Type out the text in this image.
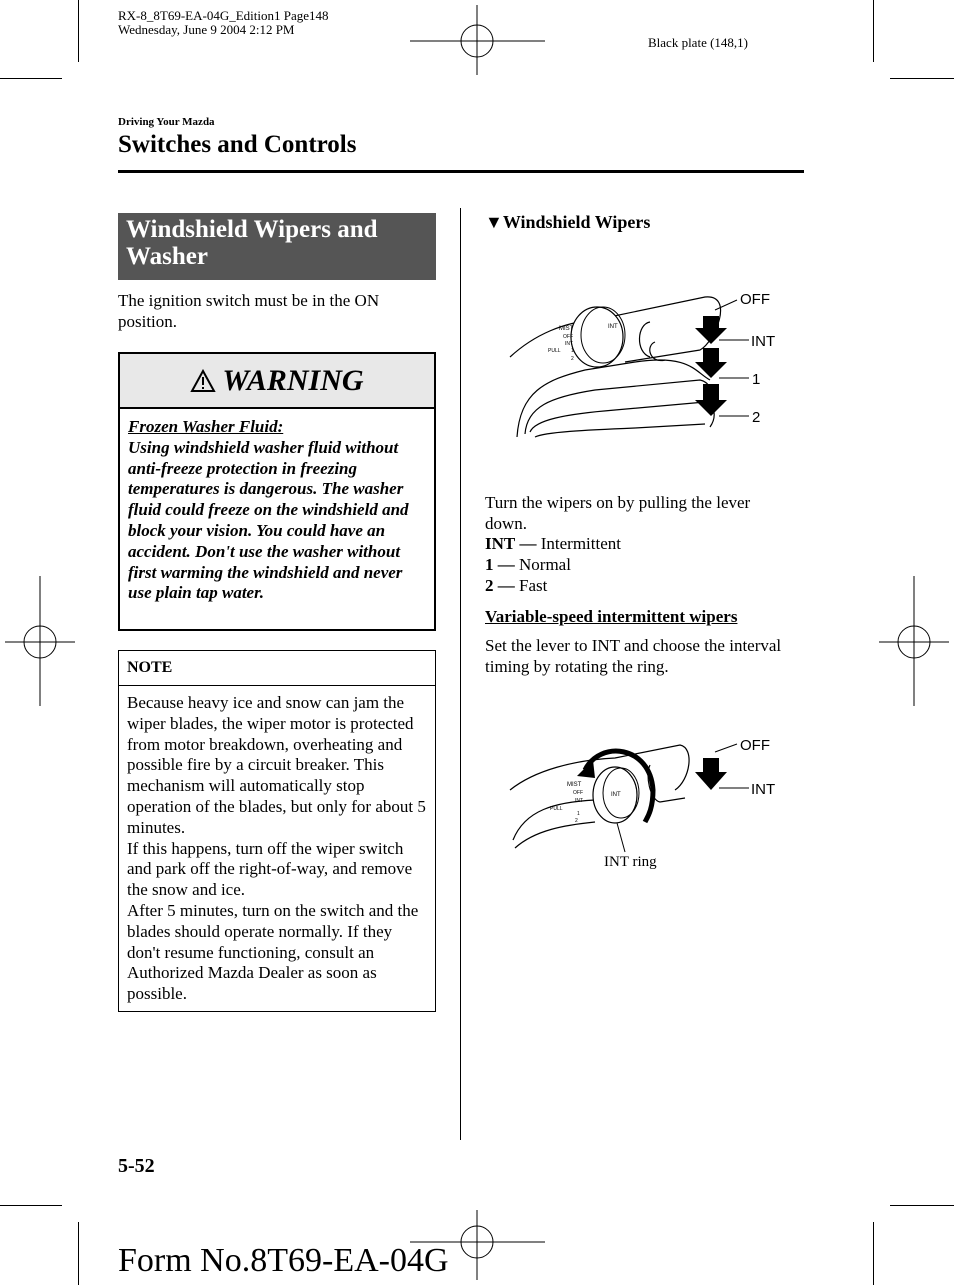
RX-8_8T69-EA-04G_Edition1 Page148
Wednesday, June 9 2004 2:12 PM
Black plate (148,1)
Driving Your Mazda
Switches and Controls
Windshield Wipers and Washer
The ignition switch must be in the ON position.
WARNING
Frozen Washer Fluid:
Using windshield washer fluid without anti-freeze protection in freezing temperatures is dangerous. The washer fluid could freeze on the windshield and block your vision. You could have an accident. Don't use the washer without first warming the windshield and never use plain tap water.
NOTE
Because heavy ice and snow can jam the wiper blades, the wiper motor is protected from motor breakdown, overheating and possible fire by a circuit breaker. This mechanism will automatically stop operation of the blades, but only for about 5 minutes.
If this happens, turn off the wiper switch and park off the right-of-way, and remove the snow and ice.
After 5 minutes, turn on the switch and the blades should operate normally. If they don't resume functioning, consult an Authorized Mazda Dealer as soon as possible.
▼Windshield Wipers
MIST
OFF
INT
1
2
PULL
INT
OFF
INT
1
2
Turn the wipers on by pulling the lever down.
INT — Intermittent
1 — Normal
2 — Fast
Variable-speed intermittent wipers
Set the lever to INT and choose the interval timing by rotating the ring.
MIST
OFF
INT
1
2
PULL
INT
OFF
INT
INT ring
5-52
Form No.8T69-EA-04G
